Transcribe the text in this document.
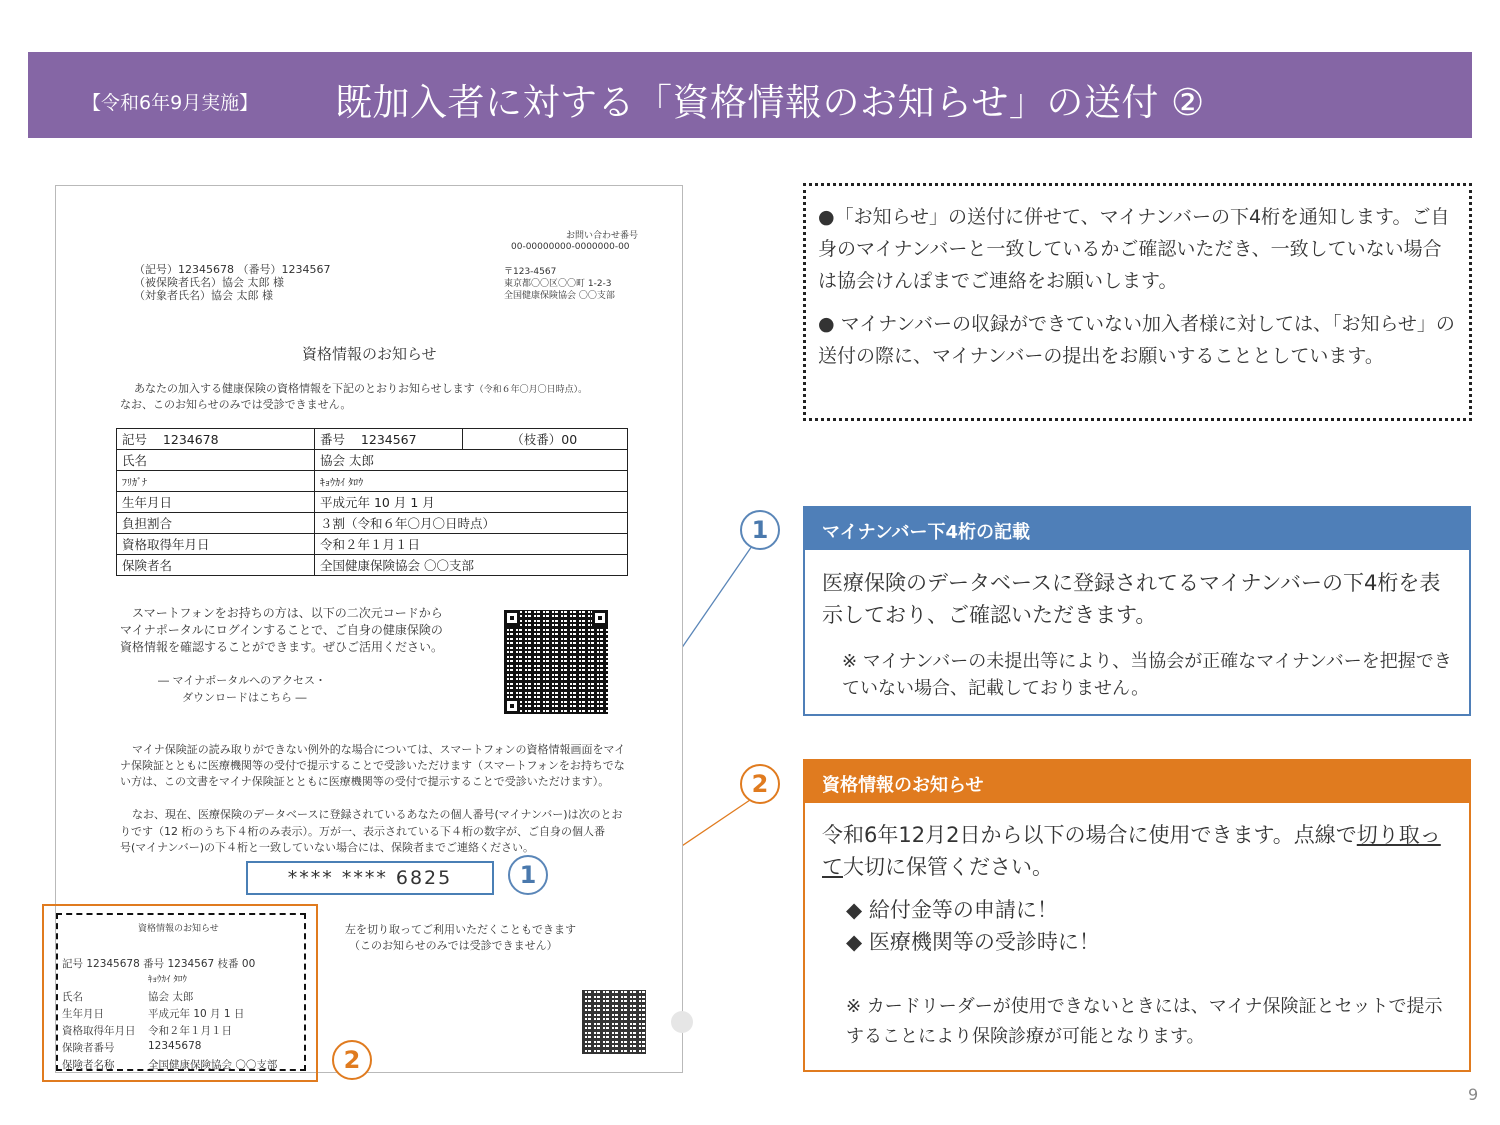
【令和6年9月実施】 既加入者に対する「資格情報のお知らせ」の送付 ②
お問い合わせ番号
00-00000000-0000000-00
（記号）12345678 （番号）1234567
（被保険者氏名）協会 太郎 様
（対象者氏名）協会 太郎 様
〒123-4567
東京都〇〇区〇〇町 1-2-3
全国健康保険協会 〇〇支部
資格情報のお知らせ
あなたの加入する健康保険の資格情報を下記のとおりお知らせします（令和６年〇月〇日時点）。
なお、このお知らせのみでは受診できません。
記号 1234678	番号 1234567	（枝番）00
氏名	協会 太郎	
ﾌﾘｶﾞﾅ	ｷｮｳｶｲ ﾀﾛｳ	
生年月日	平成元年 10 月 1 月	
負担割合	３割（令和６年〇月〇日時点）	
資格取得年月日	令和２年１月１日	
保険者名	全国健康保険協会 〇〇支部	
スマートフォンをお持ちの方は、以下の二次元コードから
マイナポータルにログインすることで、ご自身の健康保険の
資格情報を確認することができます。ぜひご活用ください。
― マイナポータルへのアクセス・
ダウンロードはこちら ―
マイナ保険証の読み取りができない例外的な場合については、スマートフォンの資格情報画面をマイ
ナ保険証とともに医療機関等の受付で提示することで受診いただけます（スマートフォンをお持ちでな
い方は、この文書をマイナ保険証とともに医療機関等の受付で提示することで受診いただけます）。
なお、現在、医療保険のデータベースに登録されているあなたの個人番号(マイナンバー)は次のとお
りです（12 桁のうち下４桁のみ表示）。万が一、表示されている下４桁の数字が、ご自身の個人番
号(マイナンバー)の下４桁と一致していない場合には、保険者までご連絡ください。
**** **** 6825
左を切り取ってご利用いただくこともできます
（このお知らせのみでは受診できません）
資格情報のお知らせ
記号 12345678 番号 1234567 枝番 00
ｷｮｳｶｲ ﾀﾛｳ
氏名	協会 太郎
生年月日	平成元年 10 月 1 日
資格取得年月日 令和２年１月１日
保険者番号	12345678
保険者名称	全国健康保険協会 〇〇支部
1
2
1
2
●「お知らせ」の送付に併せて、マイナンバーの下4桁を通知します。ご自身のマイナンバーと一致しているかご確認いただき、一致していない場合は協会けんぽまでご連絡をお願いします。
● マイナンバーの収録ができていない加入者様に対しては、「お知らせ」の送付の際に、マイナンバーの提出をお願いすることとしています。
マイナンバー下4桁の記載
医療保険のデータベースに登録されてるマイナンバーの下4桁を表示しており、ご確認いただきます。
※ マイナンバーの未提出等により、当協会が正確なマイナンバーを把握できていない場合、記載しておりません。
資格情報のお知らせ
令和6年12月2日から以下の場合に使用できます。点線で切り取って大切に保管ください。
◆ 給付金等の申請に！
◆ 医療機関等の受診時に！
※ カードリーダーが使用できないときには、マイナ保険証とセットで提示することにより保険診療が可能となります。
9
